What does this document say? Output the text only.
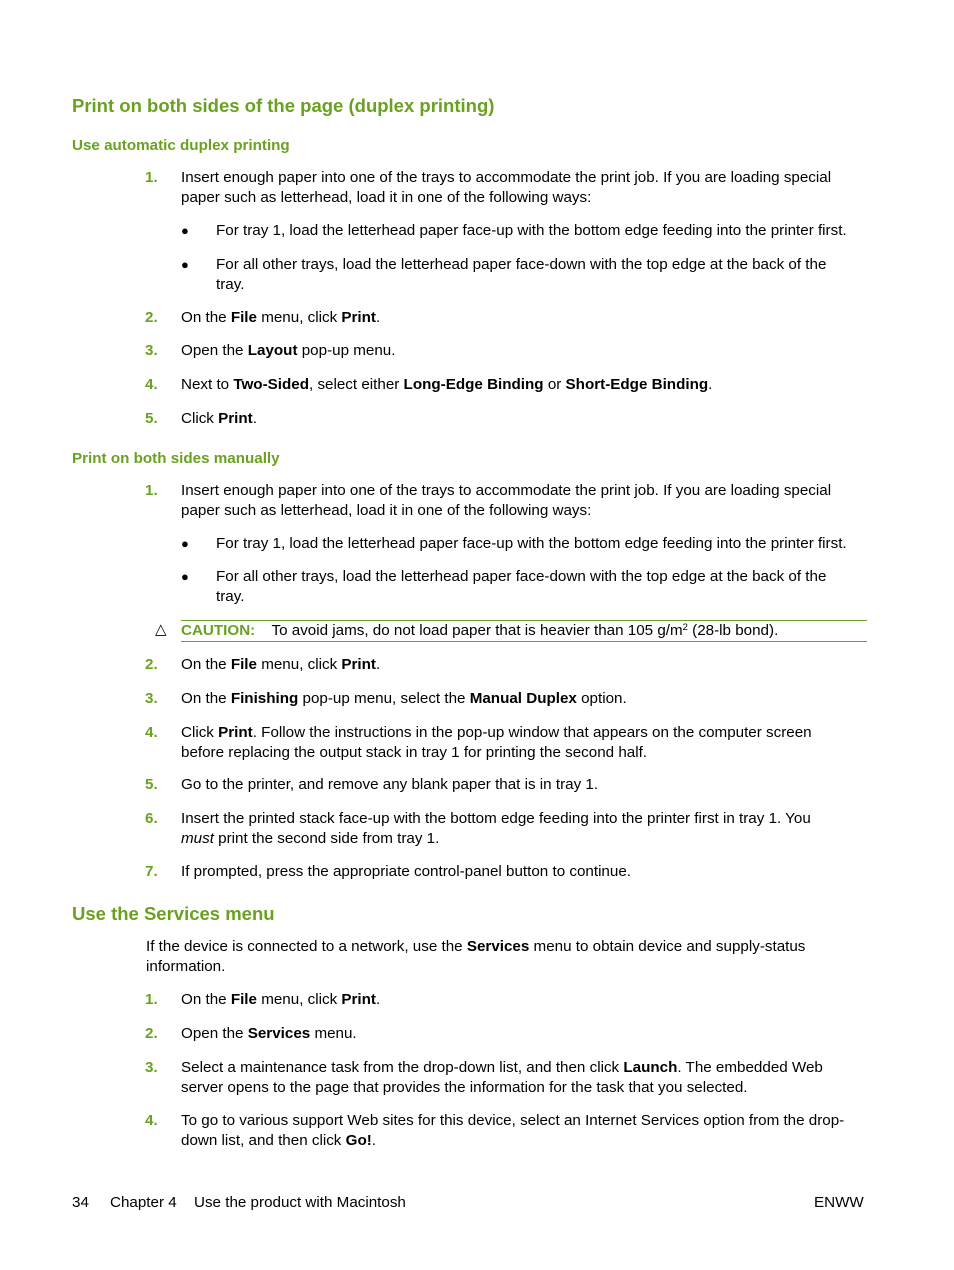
Print on both sides of the page (duplex printing)
Use automatic duplex printing
1. Insert enough paper into one of the trays to accommodate the print job. If you are loading special
paper such as letterhead, load it in one of the following ways:
● For tray 1, load the letterhead paper face-up with the bottom edge feeding into the printer first.
● For all other trays, load the letterhead paper face-down with the top edge at the back of the
tray.
2. On the File menu, click Print.
3. Open the Layout pop-up menu.
4. Next to Two-Sided, select either Long-Edge Binding or Short-Edge Binding.
5. Click Print.
Print on both sides manually
1. Insert enough paper into one of the trays to accommodate the print job. If you are loading special
paper such as letterhead, load it in one of the following ways:
● For tray 1, load the letterhead paper face-up with the bottom edge feeding into the printer first.
● For all other trays, load the letterhead paper face-down with the top edge at the back of the
tray.
△ CAUTION: To avoid jams, do not load paper that is heavier than 105 $g/m^2$ (28-lb bond).
2. On the File menu, click Print.
3. On the Finishing pop-up menu, select the Manual Duplex option.
4. Click Print. Follow the instructions in the pop-up window that appears on the computer screen
before replacing the output stack in tray 1 for printing the second half.
5. Go to the printer, and remove any blank paper that is in tray 1.
6. Insert the printed stack face-up with the bottom edge feeding into the printer first in tray 1. You
must print the second side from tray 1.
7. If prompted, press the appropriate control-panel button to continue.
Use the Services menu
If the device is connected to a network, use the Services menu to obtain device and supply-status
information.
1. On the File menu, click Print.
2. Open the Services menu.
3. Select a maintenance task from the drop-down list, and then click Launch. The embedded Web
server opens to the page that provides the information for the task that you selected.
4. To go to various support Web sites for this device, select an Internet Services option from the drop-
down list, and then click Go!.
34 Chapter 4 Use the product with Macintosh	ENWW
